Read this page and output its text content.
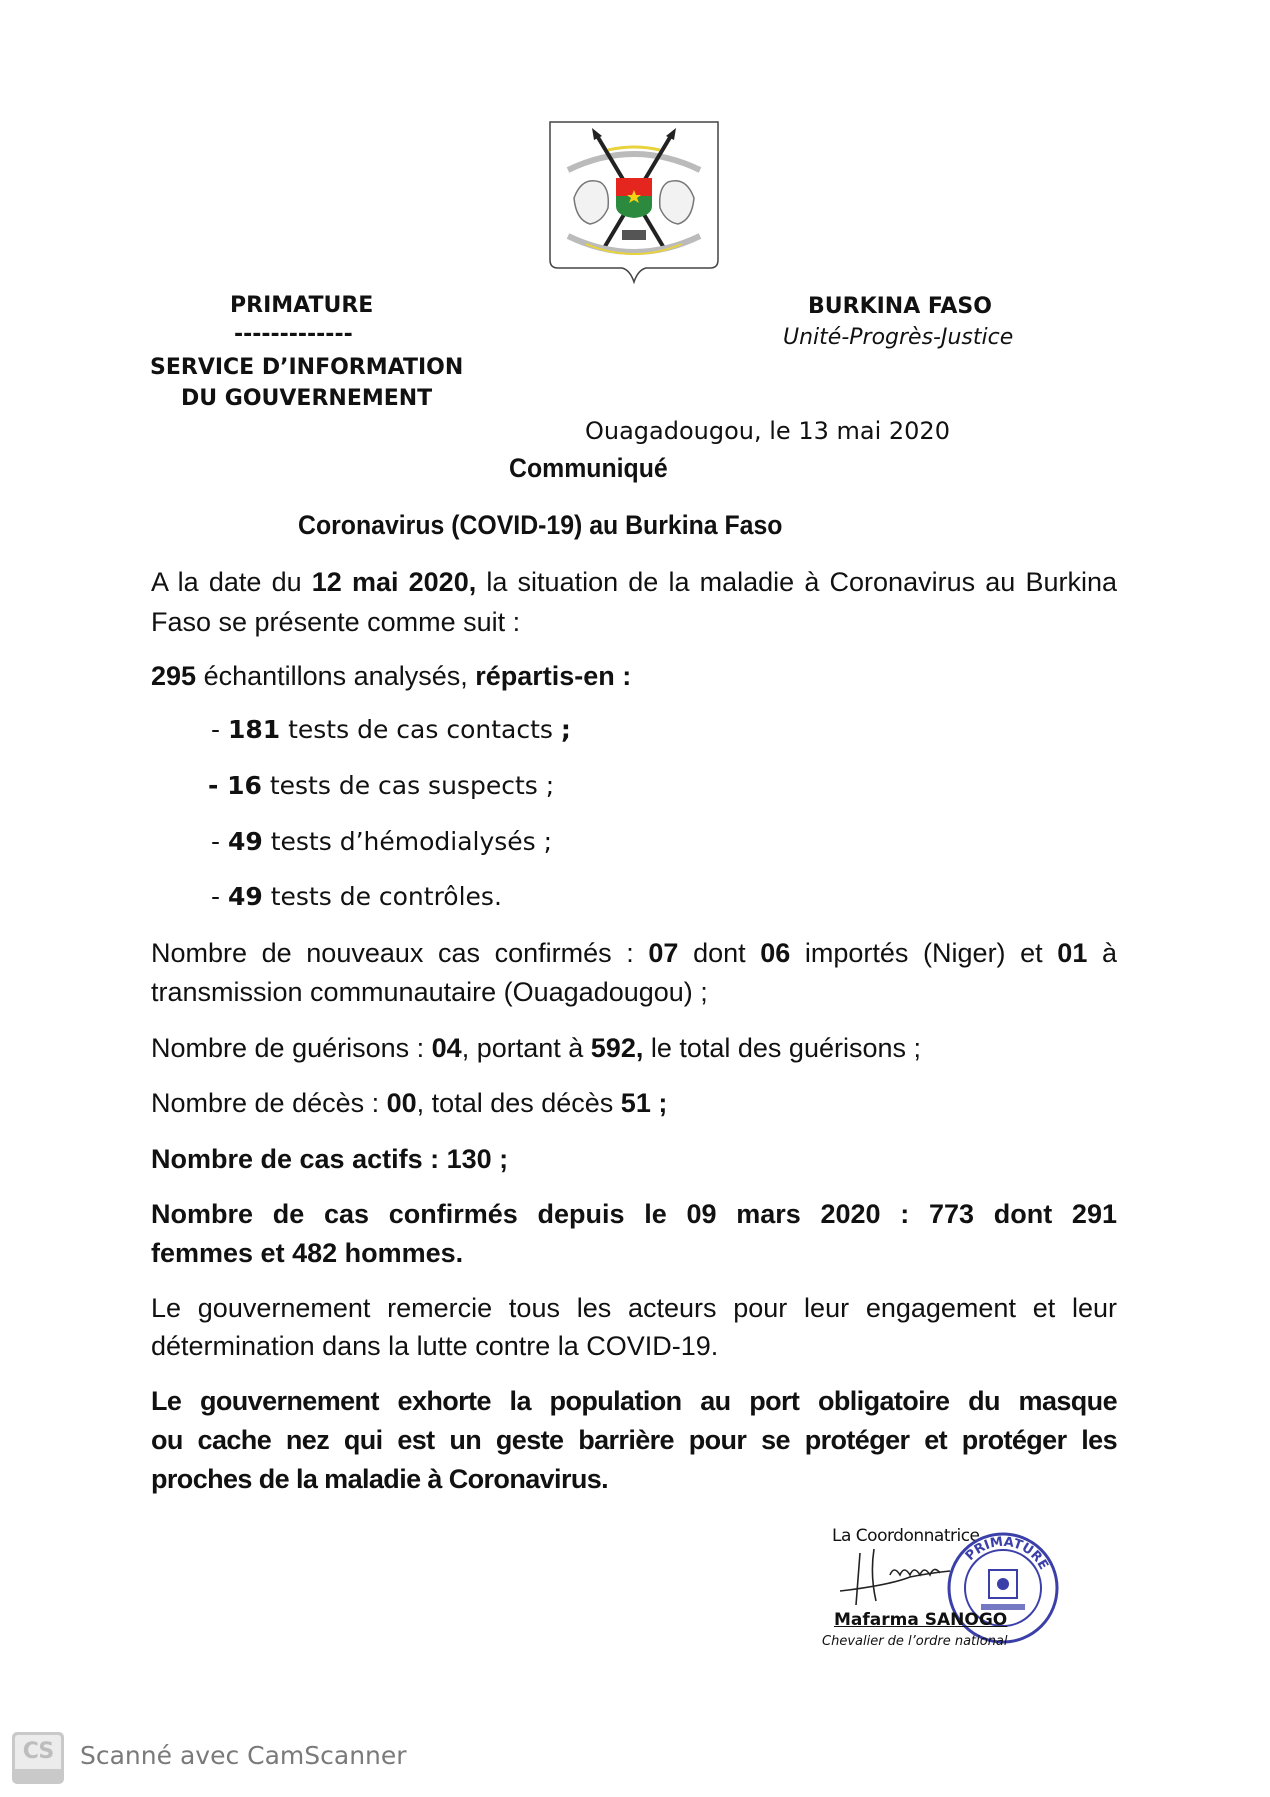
PRIMATURE
-------------
SERVICE D’INFORMATION
DU GOUVERNEMENT
BURKINA FASO
Unité-Progrès-Justice
Ouagadougou, le 13 mai 2020
Communiqué
Coronavirus (COVID-19) au Burkina Faso
A la date du 12 mai 2020, la situation de la maladie à Coronavirus au Burkina
Faso se présente comme suit :
295 échantillons analysés, répartis-en :
- 181 tests de cas contacts ;
- 16 tests de cas suspects ;
- 49 tests d’hémodialysés ;
- 49 tests de contrôles.
Nombre de nouveaux cas confirmés : 07 dont 06 importés (Niger) et 01 à
transmission communautaire (Ouagadougou) ;
Nombre de guérisons : 04, portant à 592, le total des guérisons ;
Nombre de décès : 00, total des décès 51 ;
Nombre de cas actifs : 130 ;
Nombre de cas confirmés depuis le 09 mars 2020 : 773 dont 291
femmes et 482 hommes.
Le gouvernement remercie tous les acteurs pour leur engagement et leur
détermination dans la lutte contre la COVID-19.
Le gouvernement exhorte la population au port obligatoire du masque
ou cache nez qui est un geste barrière pour se protéger et protéger les
proches de la maladie à Coronavirus.
La Coordonnatrice
PRIMATURE
Mafarma SANOGO
Chevalier de l’ordre national
CS	Scanné avec CamScanner
